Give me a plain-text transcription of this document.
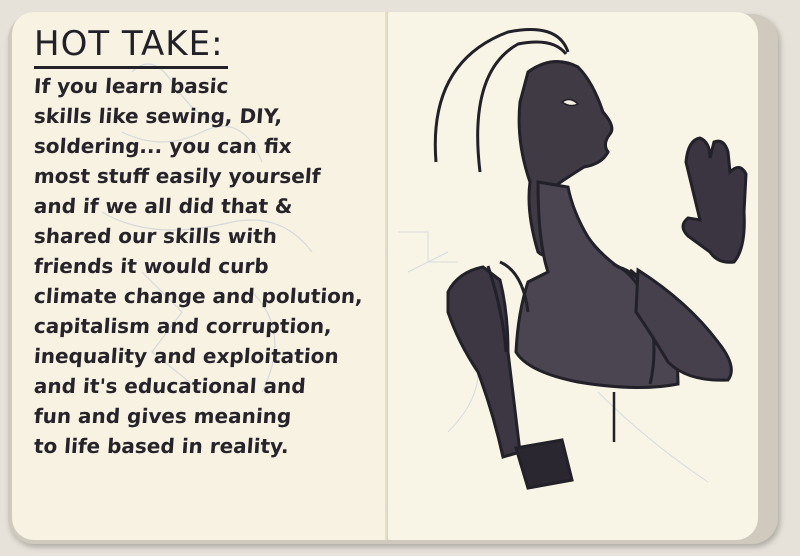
HOT TAKE:
If you learn basic
skills like sewing, DIY,
soldering... you can fix
most stuff easily yourself
and if we all did that &
shared our skills with
friends it would curb
climate change and polution,
capitalism and corruption,
inequality and exploitation
and it's educational and
fun and gives meaning
to life based in reality.
